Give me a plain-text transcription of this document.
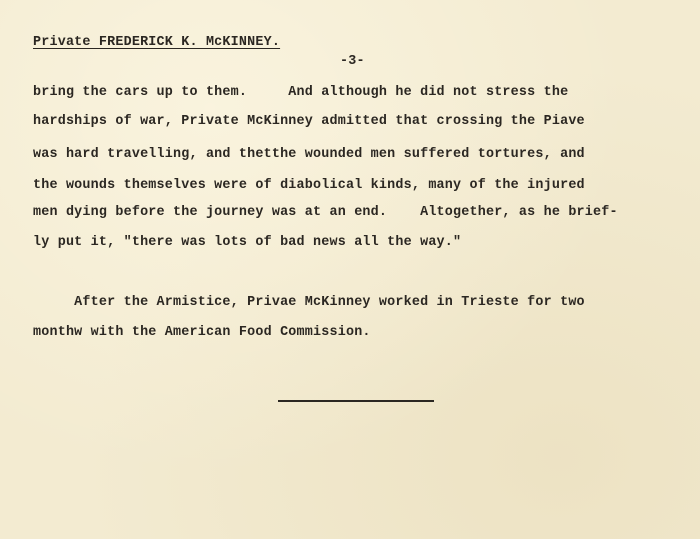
Private FREDERICK K. McKINNEY.
-3-
bring the cars up to them.     And although he did not stress the
hardships of war, Private McKinney admitted that crossing the Piave
was hard travelling, and thetthe wounded men suffered tortures, and
the wounds themselves were of diabolical kinds, many of the injured
men dying before the journey was at an end.    Altogether, as he brief-
ly put it, "there was lots of bad news all the way."
After the Armistice, Privae McKinney worked in Trieste for two
monthw with the American Food Commission.
